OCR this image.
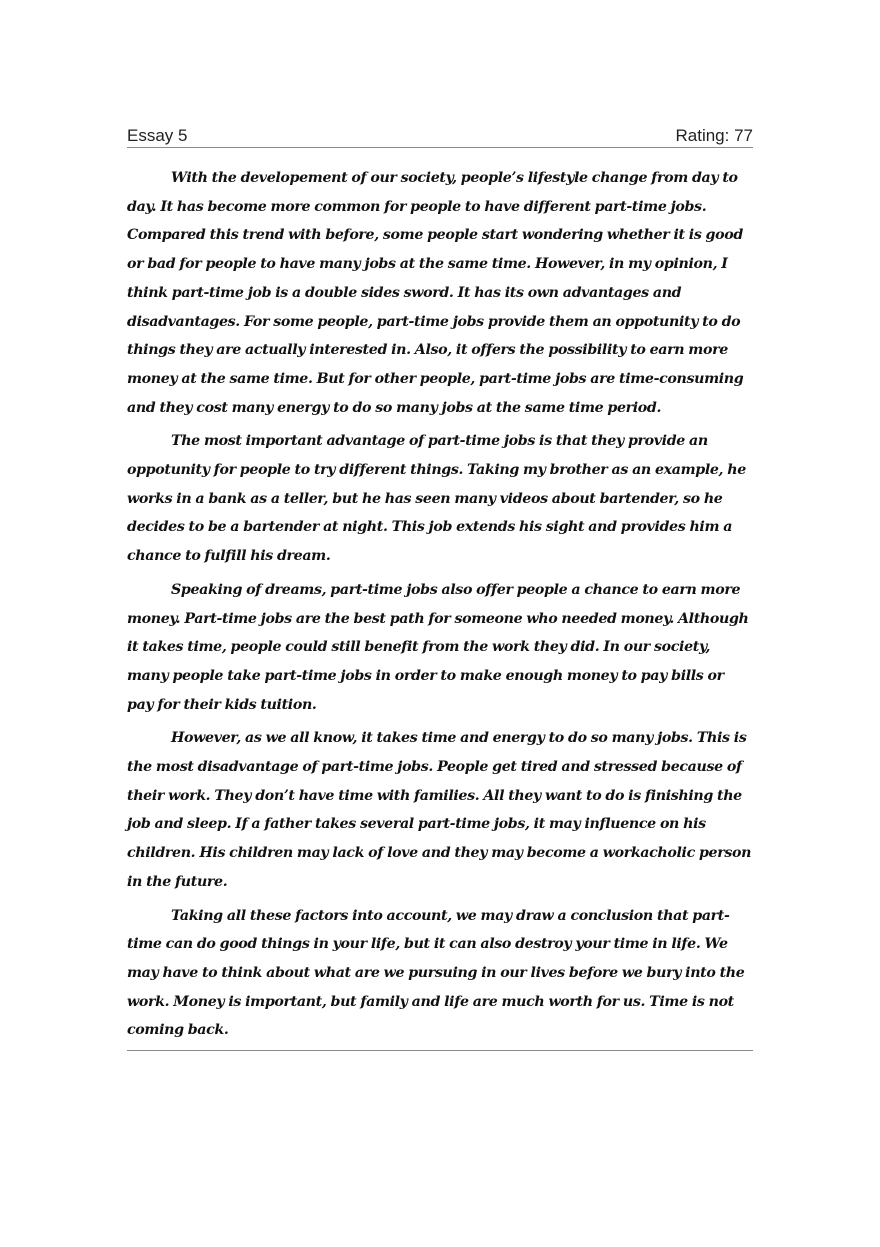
Essay 5	Rating: 77

With the developement of our society, people’s lifestyle change from day to day. It has become more common for people to have different part-time jobs. Compared this trend with before, some people start wondering whether it is good or bad for people to have many jobs at the same time. However, in my opinion, I think part-time job is a double sides sword. It has its own advantages and disadvantages. For some people, part-time jobs provide them an oppotunity to do things they are actually interested in. Also, it offers the possibility to earn more money at the same time. But for other people, part-time jobs are time-consuming and they cost many energy to do so many jobs at the same time period.

The most important advantage of part-time jobs is that they provide an oppotunity for people to try different things. Taking my brother as an example, he works in a bank as a teller, but he has seen many videos about bartender, so he decides to be a bartender at night. This job extends his sight and provides him a chance to fulfill his dream.

Speaking of dreams, part-time jobs also offer people a chance to earn more money. Part-time jobs are the best path for someone who needed money. Although it takes time, people could still benefit from the work they did. In our society, many people take part-time jobs in order to make enough money to pay bills or pay for their kids tuition.

However, as we all know, it takes time and energy to do so many jobs. This is the most disadvantage of part-time jobs. People get tired and stressed because of their work. They don’t have time with families. All they want to do is finishing the job and sleep. If a father takes several part-time jobs, it may influence on his children. His children may lack of love and they may become a workacholic person in the future.

Taking all these factors into account, we may draw a conclusion that part-time can do good things in your life, but it can also destroy your time in life. We may have to think about what are we pursuing in our lives before we bury into the work. Money is important, but family and life are much worth for us. Time is not coming back.
